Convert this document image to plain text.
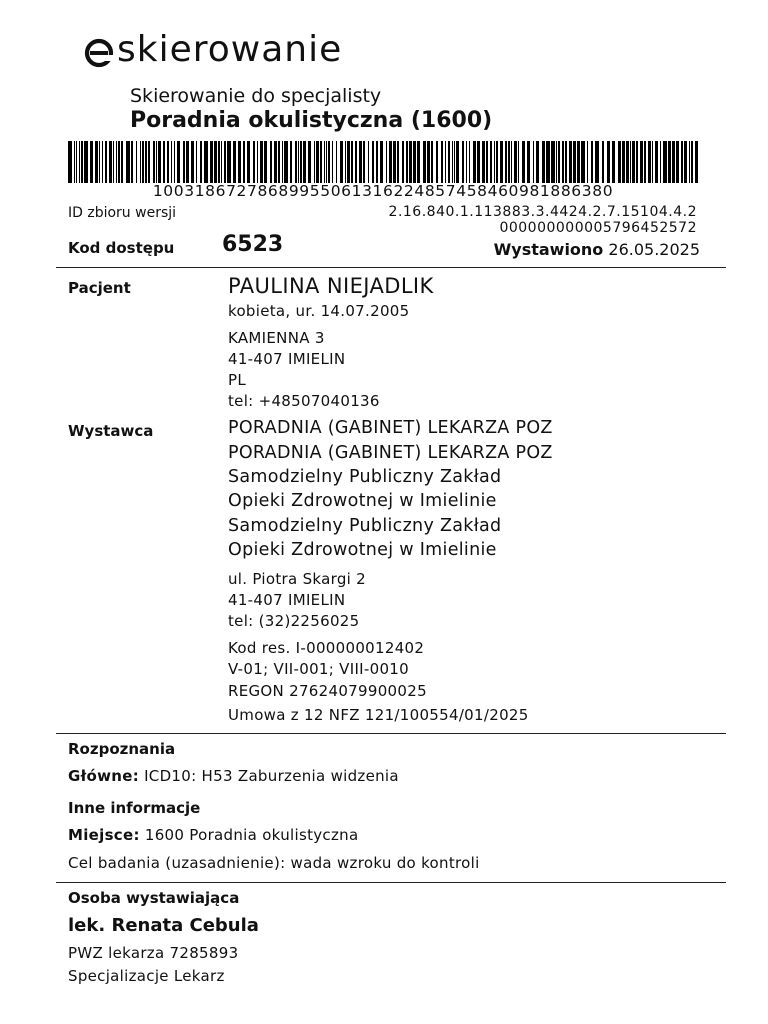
skierowanie
Skierowanie do specjalisty
Poradnia okulistyczna (1600)
10031867278689955061316224857458460981886380
ID zbioru wersji	2.16.840.1.113883.3.4424.2.7.15104.4.2
000000000005796452572
Kod dostępu 6523	Wystawiono 26.05.2025
Pacjent	PAULINA NIEJADLIK
kobieta, ur. 14.07.2005
KAMIENNA 3
41-407 IMIELIN
PL
tel: +48507040136
Wystawca	PORADNIA (GABINET) LEKARZA POZ
PORADNIA (GABINET) LEKARZA POZ
Samodzielny Publiczny Zakład
Opieki Zdrowotnej w Imielinie
Samodzielny Publiczny Zakład
Opieki Zdrowotnej w Imielinie
ul. Piotra Skargi 2
41-407 IMIELIN
tel: (32)2256025
Kod res. I-000000012402
V-01; VII-001; VIII-0010
REGON 27624079900025
Umowa z 12 NFZ 121/100554/01/2025
Rozpoznania
Główne: ICD10: H53 Zaburzenia widzenia
Inne informacje
Miejsce: 1600 Poradnia okulistyczna
Cel badania (uzasadnienie): wada wzroku do kontroli
Osoba wystawiająca
lek. Renata Cebula
PWZ lekarza 7285893
Specjalizacje Lekarz
